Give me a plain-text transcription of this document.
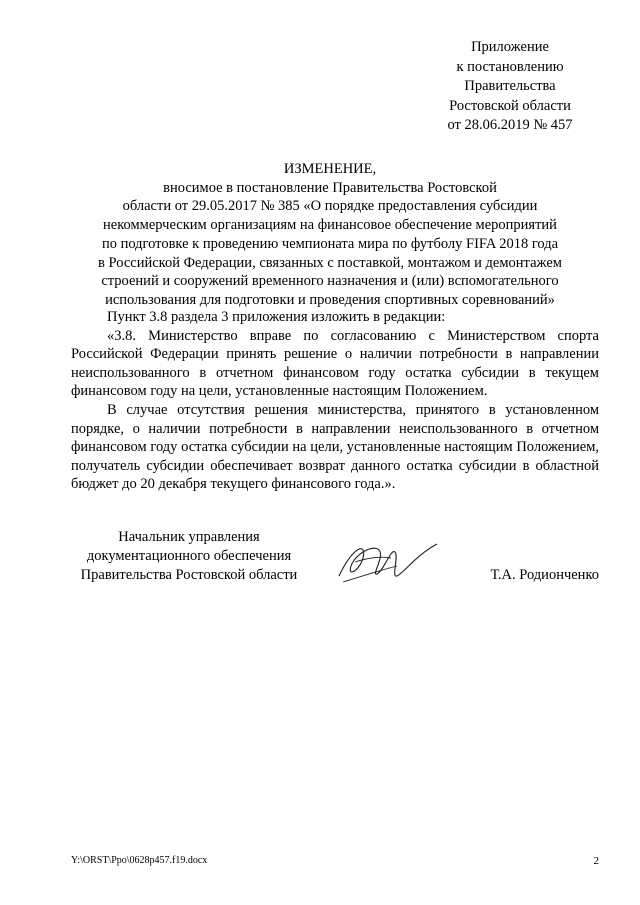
Приложение
к постановлению
Правительства
Ростовской области
от 28.06.2019 № 457
ИЗМЕНЕНИЕ,
вносимое в постановление Правительства Ростовской
области от 29.05.2017 № 385 «О порядке предоставления субсидии
некоммерческим организациям на финансовое обеспечение мероприятий
по подготовке к проведению чемпионата мира по футболу FIFA 2018 года
в Российской Федерации, связанных с поставкой, монтажом и демонтажем
строений и сооружений временного назначения и (или) вспомогательного
использования для подготовки и проведения спортивных соревнований»

Пункт 3.8 раздела 3 приложения изложить в редакции:

«3.8. Министерство вправе по согласованию с Министерством спорта Российской Федерации принять решение о наличии потребности в направлении неиспользованного в отчетном финансовом году остатка субсидии в текущем финансовом году на цели, установленные настоящим Положением.

В случае отсутствия решения министерства, принятого в установленном порядке, о наличии потребности в направлении неиспользованного в отчетном финансовом году остатка субсидии на цели, установленные настоящим Положением, получатель субсидии обеспечивает возврат данного остатка субсидии в областной бюджет до 20 декабря текущего финансового года.».

Начальник управления
документационного обеспечения
Правительства Ростовской области	Т.А. Родионченко
Y:\ORST\Ppo\0628p457.f19.docx	2
